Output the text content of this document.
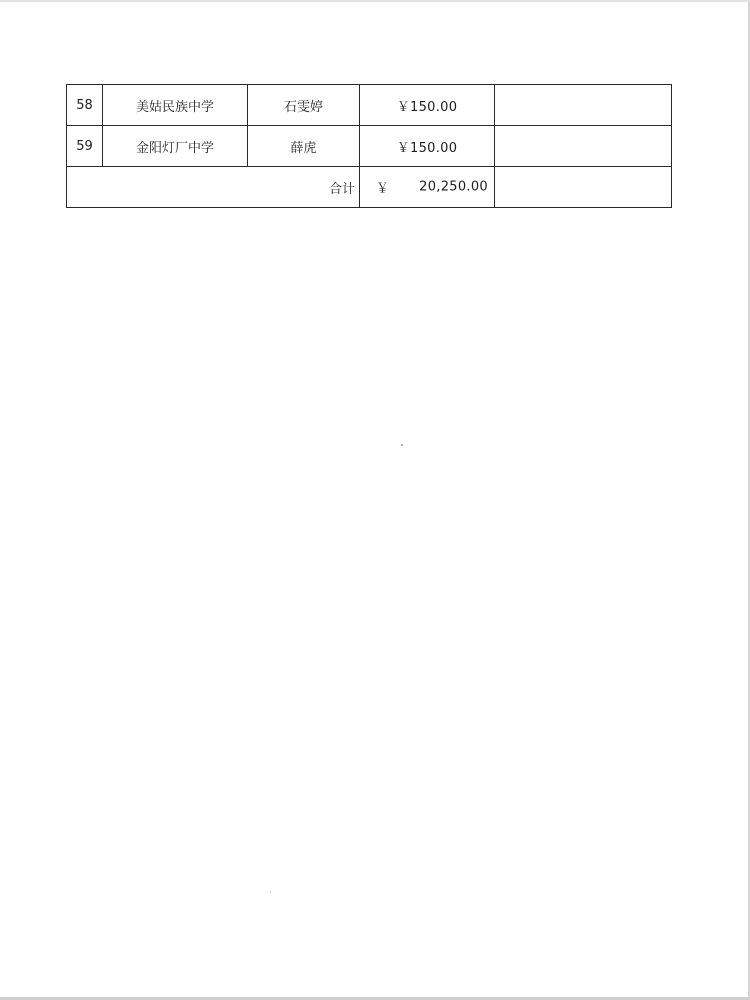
58	美姑民族中学	石雯婷	￥150.00	
59	金阳灯厂中学	薛虎	￥150.00	
合计			￥ 20,250.00	
